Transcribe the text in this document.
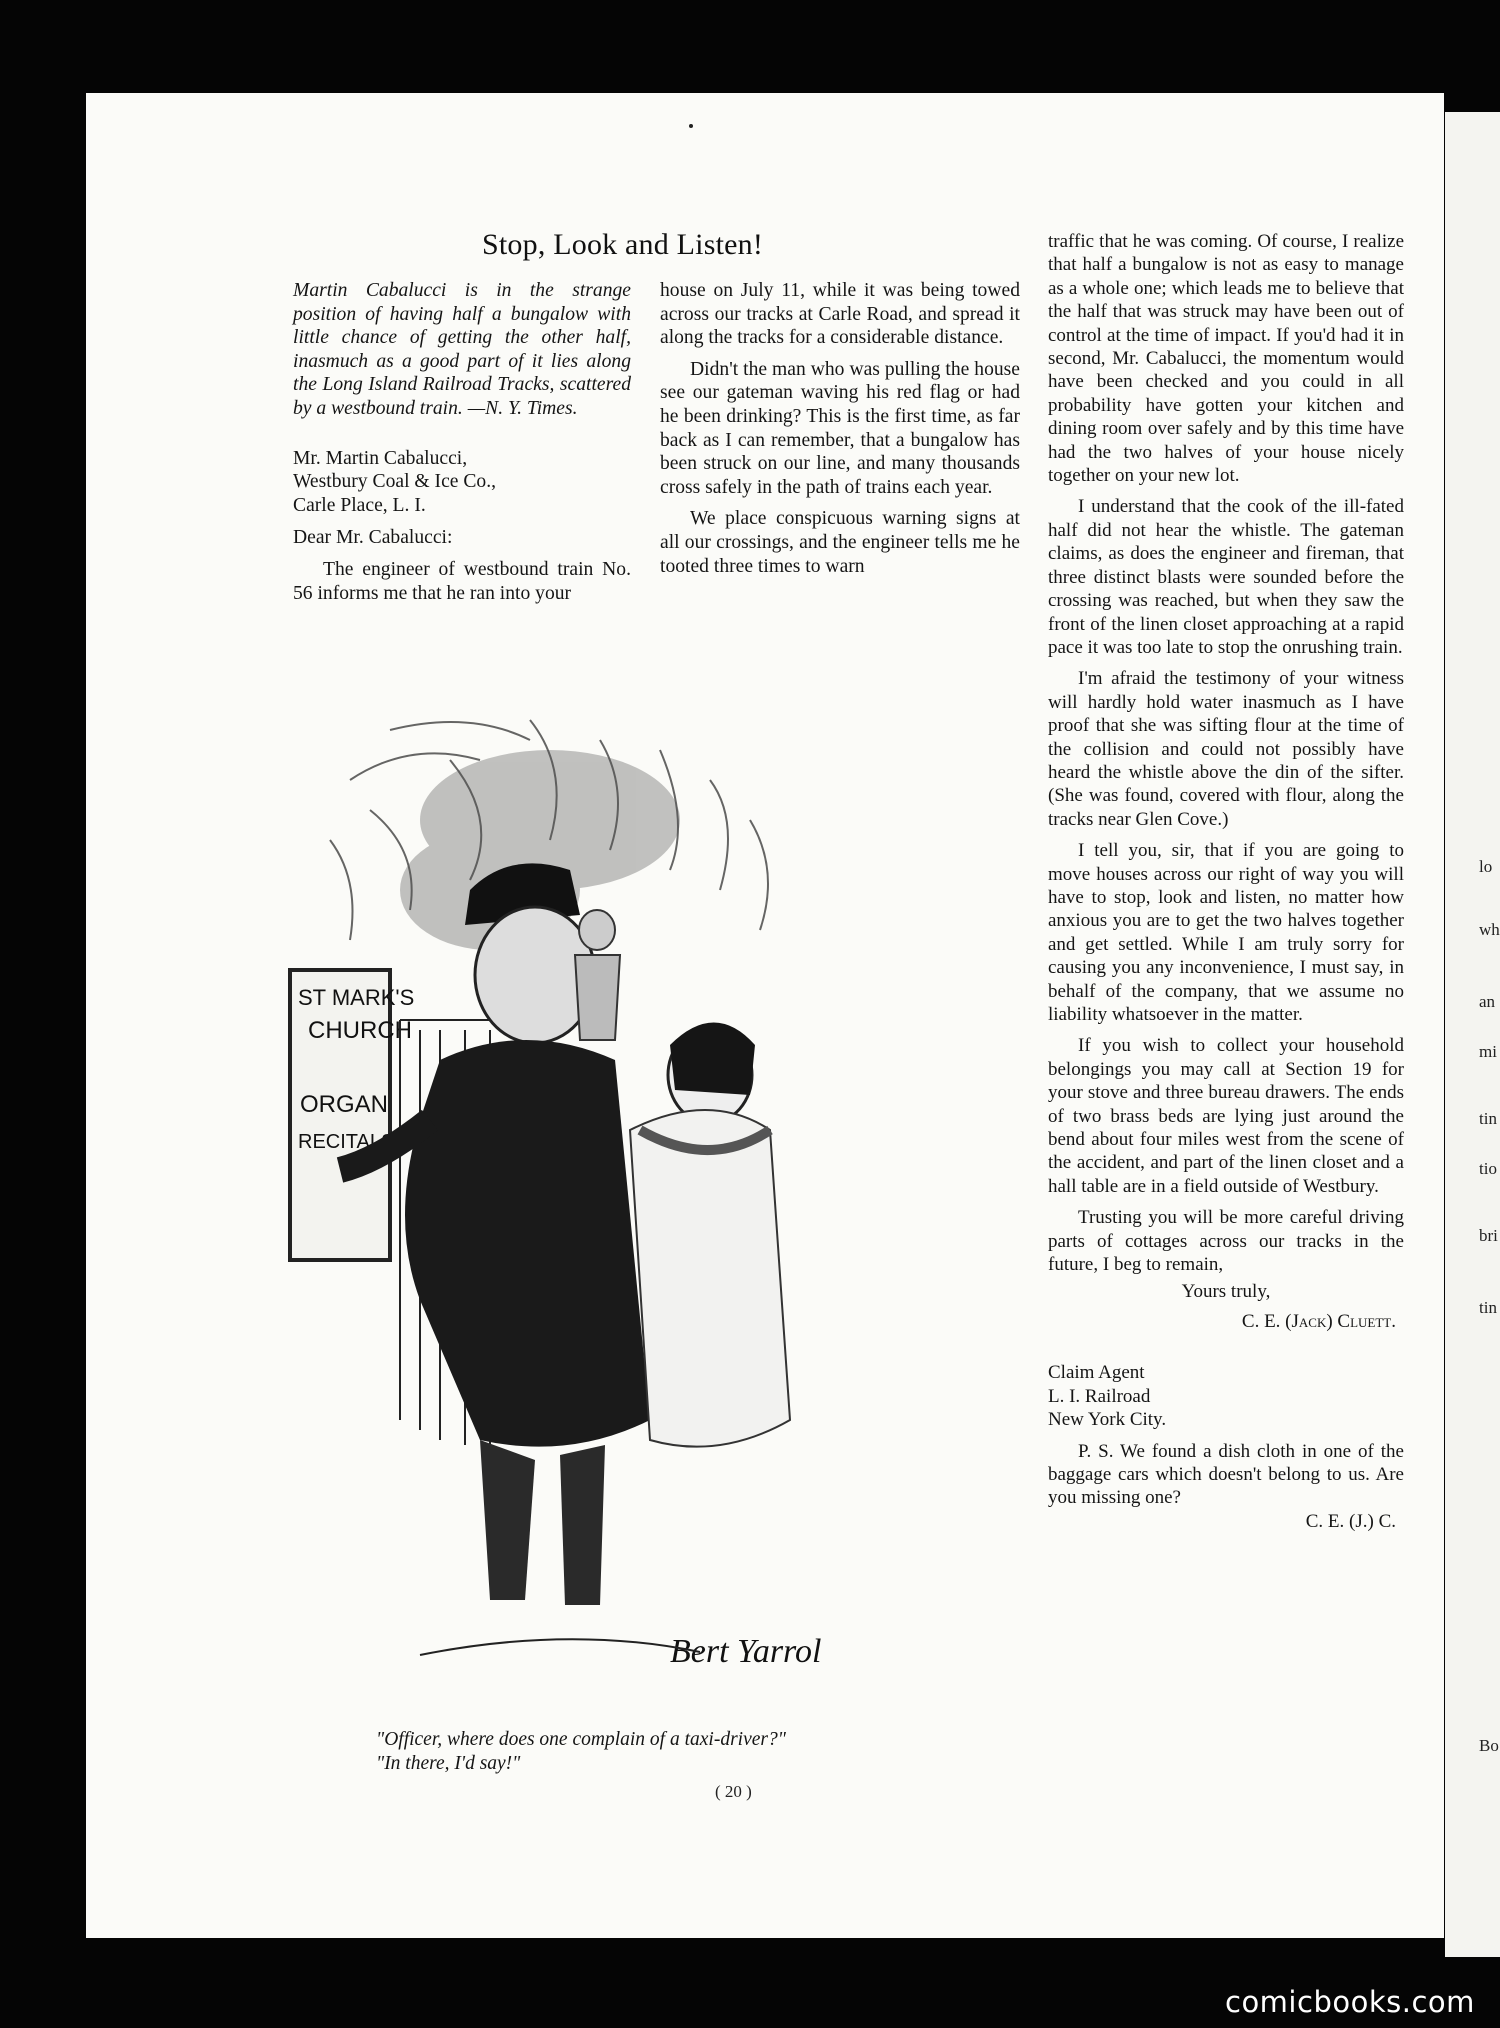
lo
wh
an
mi
tin
tio
bri
tin
Bo
Stop, Look and Listen!

Martin Cabalucci is in the strange position of having half a bungalow with little chance of getting the other half, inasmuch as a good part of it lies along the Long Island Railroad Tracks, scattered by a westbound train. —N. Y. Times.

Mr. Martin Cabalucci,

Westbury Coal & Ice Co.,

Carle Place, L. I.

Dear Mr. Cabalucci:

The engineer of westbound train No. 56 informs me that he ran into your

house on July 11, while it was being towed across our tracks at Carle Road, and spread it along the tracks for a considerable distance.

Didn't the man who was pulling the house see our gateman waving his red flag or had he been drinking? This is the first time, as far back as I can remember, that a bungalow has been struck on our line, and many thousands cross safely in the path of trains each year.

We place conspicuous warning signs at all our crossings, and the engineer tells me he tooted three times to warn

traffic that he was coming. Of course, I realize that half a bungalow is not as easy to manage as a whole one; which leads me to believe that the half that was struck may have been out of control at the time of impact. If you'd had it in second, Mr. Cabalucci, the momentum would have been checked and you could in all probability have gotten your kitchen and dining room over safely and by this time have had the two halves of your house nicely together on your new lot.

I understand that the cook of the ill-fated half did not hear the whistle. The gateman claims, as does the engineer and fireman, that three distinct blasts were sounded before the crossing was reached, but when they saw the front of the linen closet approaching at a rapid pace it was too late to stop the onrushing train.

I'm afraid the testimony of your witness will hardly hold water inasmuch as I have proof that she was sifting flour at the time of the collision and could not possibly have heard the whistle above the din of the sifter. (She was found, covered with flour, along the tracks near Glen Cove.)

I tell you, sir, that if you are going to move houses across our right of way you will have to stop, look and listen, no matter how anxious you are to get the two halves together and get settled. While I am truly sorry for causing you any inconvenience, I must say, in behalf of the company, that we assume no liability whatsoever in the matter.

If you wish to collect your household belongings you may call at Section 19 for your stove and three bureau drawers. The ends of two brass beds are lying just around the bend about four miles west from the scene of the accident, and part of the linen closet and a hall table are in a field outside of Westbury.

Trusting you will be more careful driving parts of cottages across our tracks in the future, I beg to remain,

Yours truly,

C. E. (Jack) Cluett.

Claim Agent

L. I. Railroad

New York City.

P. S. We found a dish cloth in one of the baggage cars which doesn't belong to us. Are you missing one?

C. E. (J.) C.

ST MARK'S
CHURCH
ORGAN
RECITALS
Bert Yarrol
"Officer, where does one complain of a taxi-driver?"
"In there, I'd say!"
( 20 )
comicbooks.com
